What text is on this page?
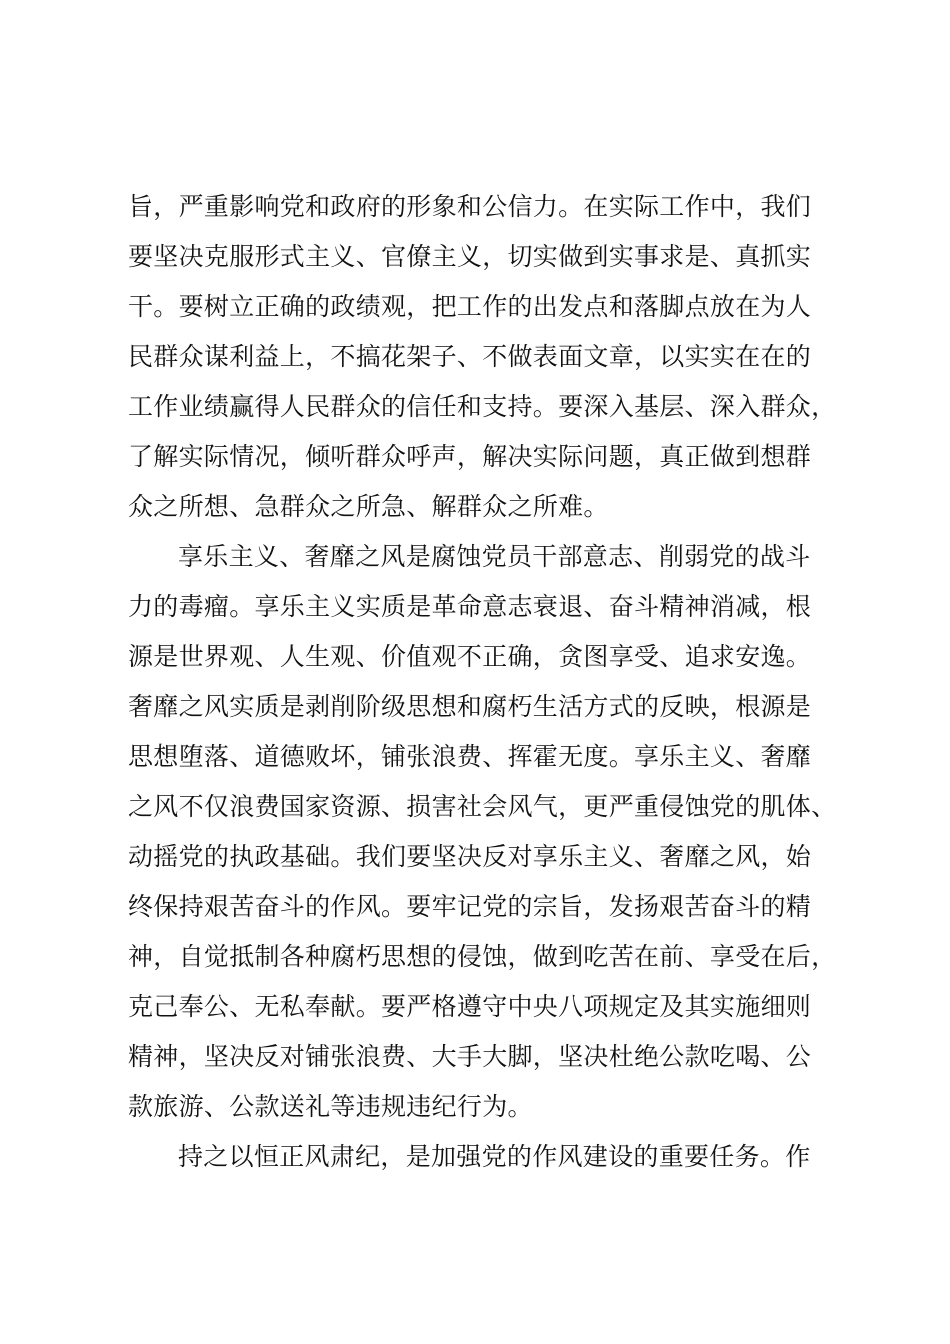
旨，严重影响党和政府的形象和公信力。在实际工作中，我们
要坚决克服形式主义、官僚主义，切实做到实事求是、真抓实
干。要树立正确的政绩观，把工作的出发点和落脚点放在为人
民群众谋利益上，不搞花架子、不做表面文章，以实实在在的
工作业绩赢得人民群众的信任和支持。要深入基层、深入群众，
了解实际情况，倾听群众呼声，解决实际问题，真正做到想群
众之所想、急群众之所急、解群众之所难。
享乐主义、奢靡之风是腐蚀党员干部意志、削弱党的战斗
力的毒瘤。享乐主义实质是革命意志衰退、奋斗精神消减，根
源是世界观、人生观、价值观不正确，贪图享受、追求安逸。
奢靡之风实质是剥削阶级思想和腐朽生活方式的反映，根源是
思想堕落、道德败坏，铺张浪费、挥霍无度。享乐主义、奢靡
之风不仅浪费国家资源、损害社会风气，更严重侵蚀党的肌体、
动摇党的执政基础。我们要坚决反对享乐主义、奢靡之风，始
终保持艰苦奋斗的作风。要牢记党的宗旨，发扬艰苦奋斗的精
神，自觉抵制各种腐朽思想的侵蚀，做到吃苦在前、享受在后，
克己奉公、无私奉献。要严格遵守中央八项规定及其实施细则
精神，坚决反对铺张浪费、大手大脚，坚决杜绝公款吃喝、公
款旅游、公款送礼等违规违纪行为。
持之以恒正风肃纪，是加强党的作风建设的重要任务。作
